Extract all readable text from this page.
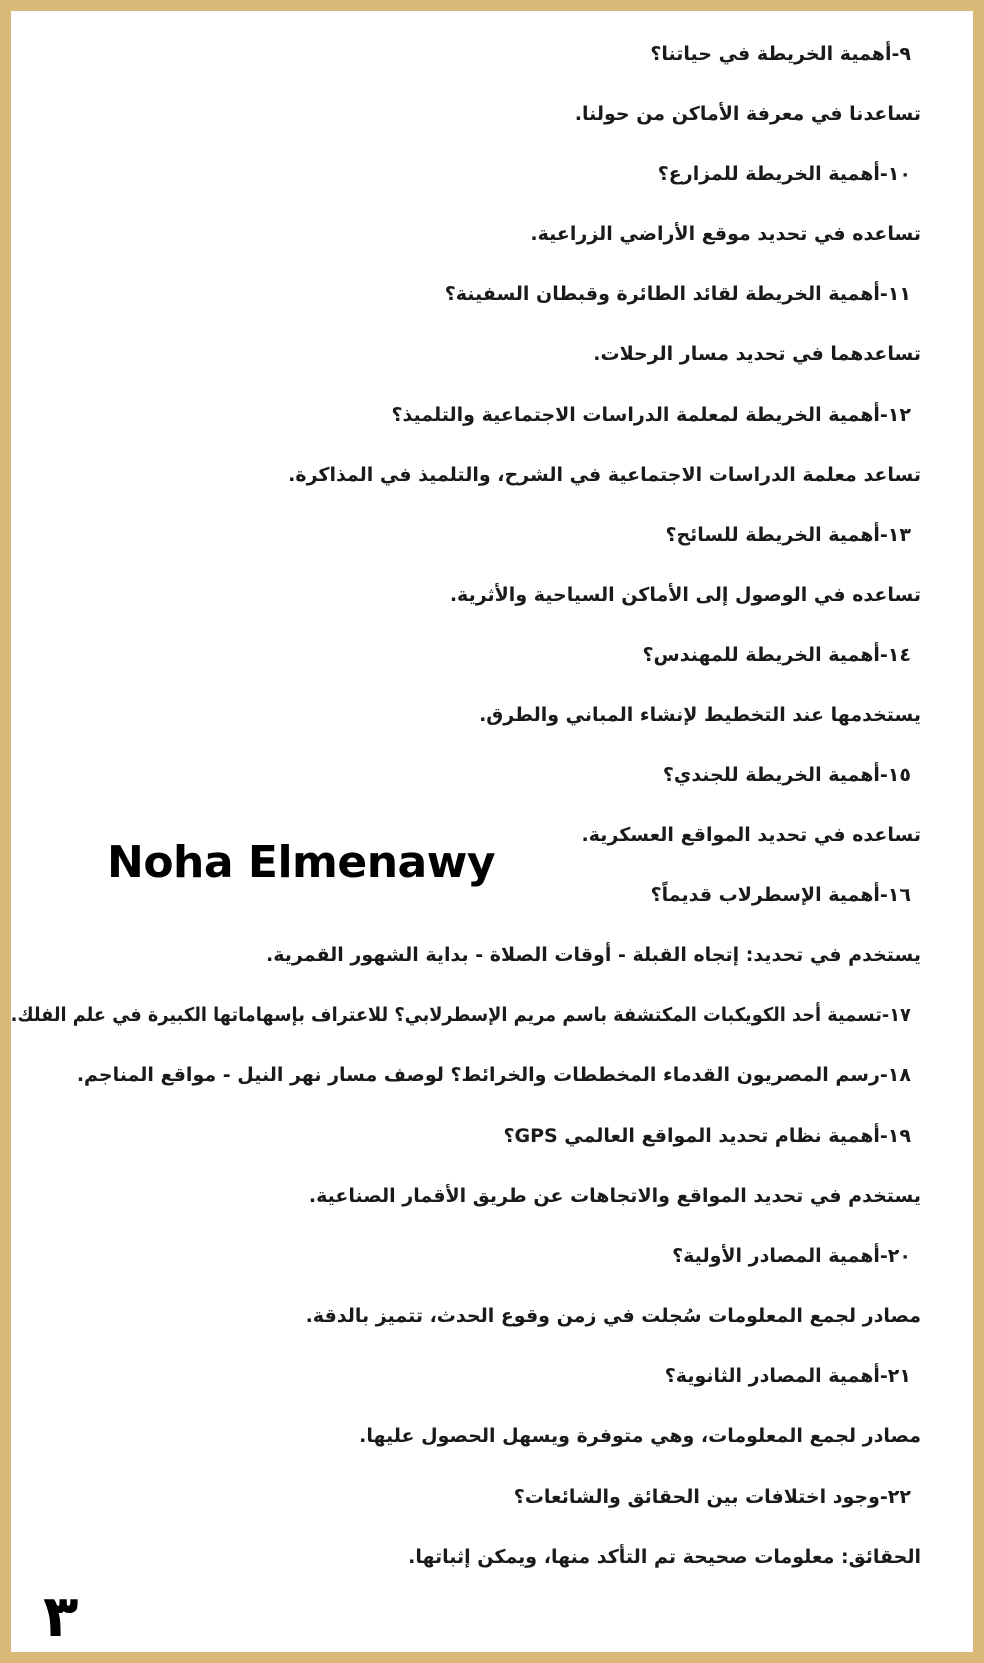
٩-أهمية الخريطة في حياتنا؟
تساعدنا في معرفة الأماكن من حولنا.
١٠-أهمية الخريطة للمزارع؟
تساعده في تحديد موقع الأراضي الزراعية.
١١-أهمية الخريطة لقائد الطائرة وقبطان السفينة؟
تساعدهما في تحديد مسار الرحلات.
١٢-أهمية الخريطة لمعلمة الدراسات الاجتماعية والتلميذ؟
تساعد معلمة الدراسات الاجتماعية في الشرح، والتلميذ في المذاكرة.
١٣-أهمية الخريطة للسائح؟
تساعده في الوصول إلى الأماكن السياحية والأثرية.
١٤-أهمية الخريطة للمهندس؟
يستخدمها عند التخطيط لإنشاء المباني والطرق.
١٥-أهمية الخريطة للجندي؟
تساعده في تحديد المواقع العسكرية.
١٦-أهمية الإسطرلاب قديماً؟
يستخدم في تحديد: إتجاه القبلة - أوقات الصلاة - بداية الشهور القمرية.
١٧-تسمية أحد الكويكبات المكتشفة باسم مريم الإسطرلابي؟ للاعتراف بإسهاماتها الكبيرة في علم الفلك.
١٨-رسم المصريون القدماء المخططات والخرائط؟ لوصف مسار نهر النيل - مواقع المناجم.
١٩-أهمية نظام تحديد المواقع العالمي GPS؟
يستخدم في تحديد المواقع والاتجاهات عن طريق الأقمار الصناعية.
٢٠-أهمية المصادر الأولية؟
مصادر لجمع المعلومات سُجلت في زمن وقوع الحدث، تتميز بالدقة.
٢١-أهمية المصادر الثانوية؟
مصادر لجمع المعلومات، وهي متوفرة ويسهل الحصول عليها.
٢٢-وجود اختلافات بين الحقائق والشائعات؟
الحقائق: معلومات صحيحة تم التأكد منها، ويمكن إثباتها.
Noha Elmenawy
٣
